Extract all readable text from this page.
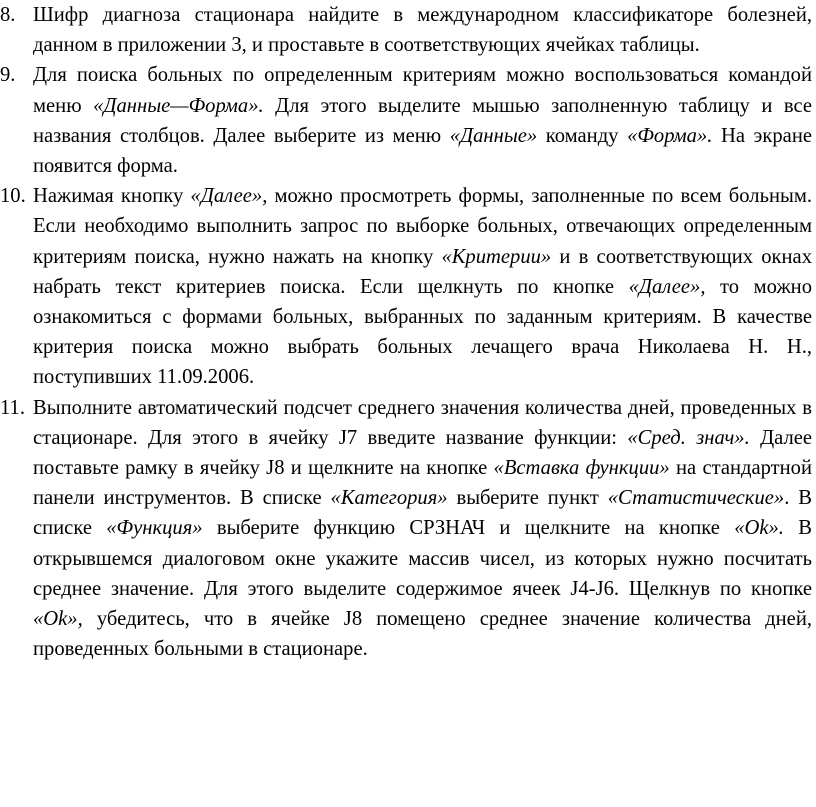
8. Шифр диагноза стационара найдите в международном классификаторе болезней, данном в приложении 3, и проставьте в соответствующих ячейках таблицы.
9. Для поиска больных по определенным критериям можно воспользоваться командой меню «Данные—Форма». Для этого выделите мышью заполненную таблицу и все названия столбцов. Далее выберите из меню «Данные» команду «Форма». На экране появится форма.
10. Нажимая кнопку «Далее», можно просмотреть формы, заполненные по всем больным. Если необходимо выполнить запрос по выборке больных, отвечающих определенным критериям поиска, нужно нажать на кнопку «Критерии» и в соответствующих окнах набрать текст критериев поиска. Если щелкнуть по кнопке «Далее», то можно ознакомиться с формами больных, выбранных по заданным критериям. В качестве критерия поиска можно выбрать больных лечащего врача Николаева Н. Н., поступивших 11.09.2006.
11. Выполните автоматический подсчет среднего значения количества дней, проведенных в стационаре. Для этого в ячейку J7 введите название функции: «Сред. знач». Далее поставьте рамку в ячейку J8 и щелкните на кнопке «Вставка функции» на стандартной панели инструментов. В списке «Категория» выберите пункт «Статистические». В списке «Функция» выберите функцию СРЗНАЧ и щелкните на кнопке «Ok». В открывшемся диалоговом окне укажите массив чисел, из которых нужно посчитать среднее значение. Для этого выделите содержимое ячеек J4-J6. Щелкнув по кнопке «Ok», убедитесь, что в ячейке J8 помещено среднее значение количества дней, проведенных больными в стационаре.
